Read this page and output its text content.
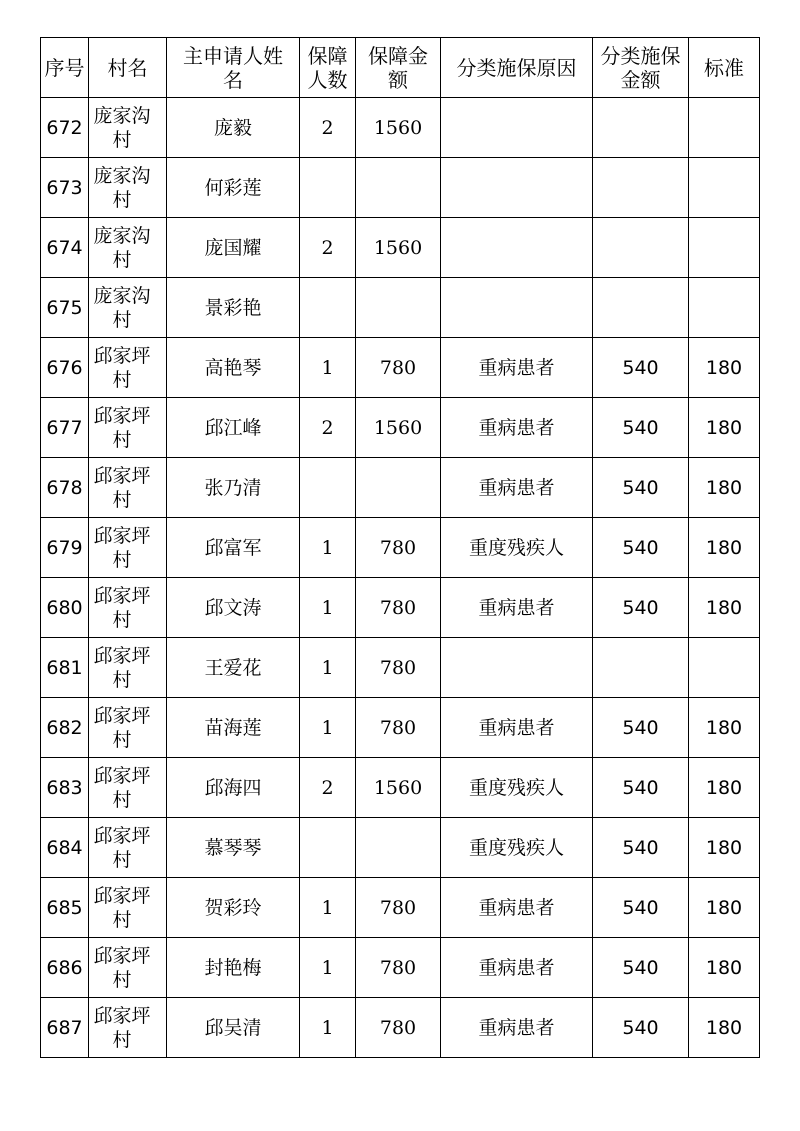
序号	村名	主申请人姓名	保障人数	保障金额	分类施保原因	分类施保金额	标准
672	庞家沟村	庞毅	2	1560			
673	庞家沟村	何彩莲					
674	庞家沟村	庞国耀	2	1560			
675	庞家沟村	景彩艳					
676	邱家坪村	高艳琴	1	780	重病患者	540	180
677	邱家坪村	邱江峰	2	1560	重病患者	540	180
678	邱家坪村	张乃清			重病患者	540	180
679	邱家坪村	邱富军	1	780	重度残疾人	540	180
680	邱家坪村	邱文涛	1	780	重病患者	540	180
681	邱家坪村	王爱花	1	780			
682	邱家坪村	苗海莲	1	780	重病患者	540	180
683	邱家坪村	邱海四	2	1560	重度残疾人	540	180
684	邱家坪村	慕琴琴			重度残疾人	540	180
685	邱家坪村	贺彩玲	1	780	重病患者	540	180
686	邱家坪村	封艳梅	1	780	重病患者	540	180
687	邱家坪村	邱吴清	1	780	重病患者	540	180
